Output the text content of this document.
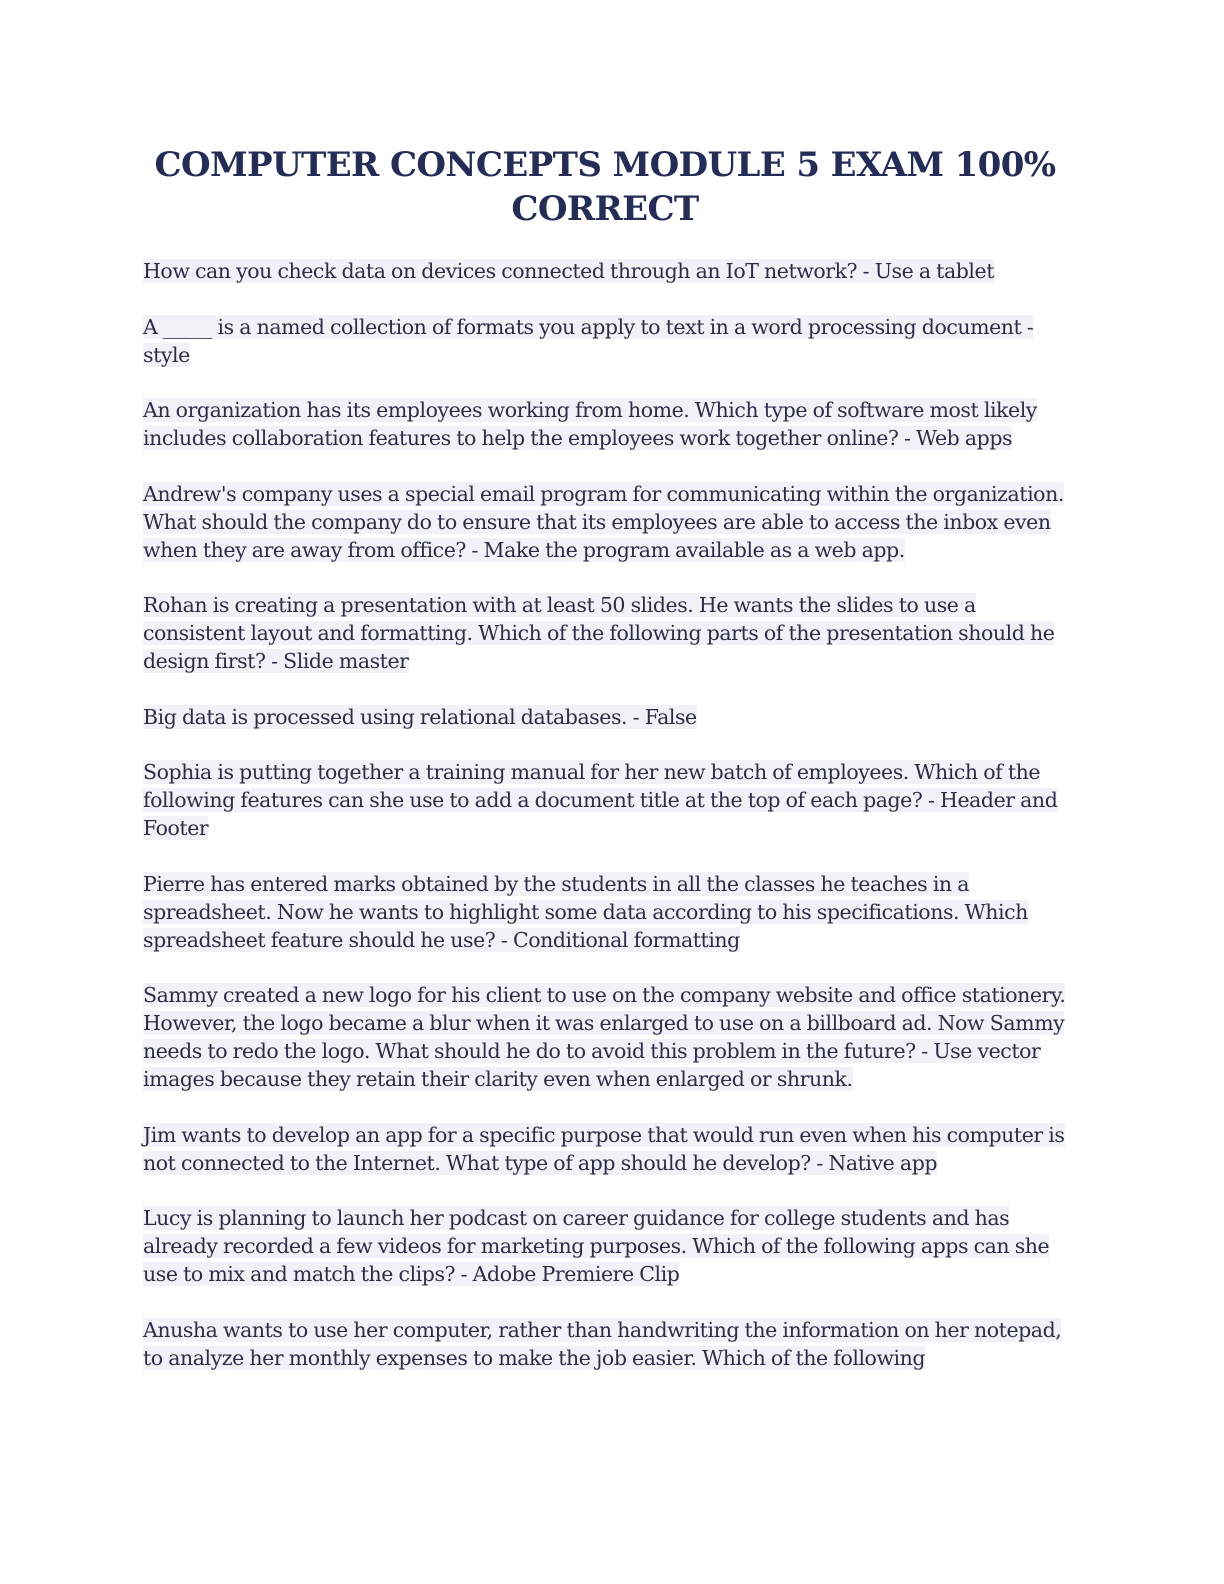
COMPUTER CONCEPTS MODULE 5 EXAM 100% CORRECT

How can you check data on devices connected through an IoT network? - Use a tablet

A _____ is a named collection of formats you apply to text in a word processing document - style

An organization has its employees working from home. Which type of software most likely includes collaboration features to help the employees work together online? - Web apps

Andrew's company uses a special email program for communicating within the organization. What should the company do to ensure that its employees are able to access the inbox even when they are away from office? - Make the program available as a web app.

Rohan is creating a presentation with at least 50 slides. He wants the slides to use a consistent layout and formatting. Which of the following parts of the presentation should he design first? - Slide master

Big data is processed using relational databases. - False

Sophia is putting together a training manual for her new batch of employees. Which of the following features can she use to add a document title at the top of each page? - Header and Footer

Pierre has entered marks obtained by the students in all the classes he teaches in a spreadsheet. Now he wants to highlight some data according to his specifications. Which spreadsheet feature should he use? - Conditional formatting

Sammy created a new logo for his client to use on the company website and office stationery. However, the logo became a blur when it was enlarged to use on a billboard ad. Now Sammy needs to redo the logo. What should he do to avoid this problem in the future? - Use vector images because they retain their clarity even when enlarged or shrunk.

Jim wants to develop an app for a specific purpose that would run even when his computer is not connected to the Internet. What type of app should he develop? - Native app

Lucy is planning to launch her podcast on career guidance for college students and has already recorded a few videos for marketing purposes. Which of the following apps can she use to mix and match the clips? - Adobe Premiere Clip

Anusha wants to use her computer, rather than handwriting the information on her notepad, to analyze her monthly expenses to make the job easier. Which of the following
